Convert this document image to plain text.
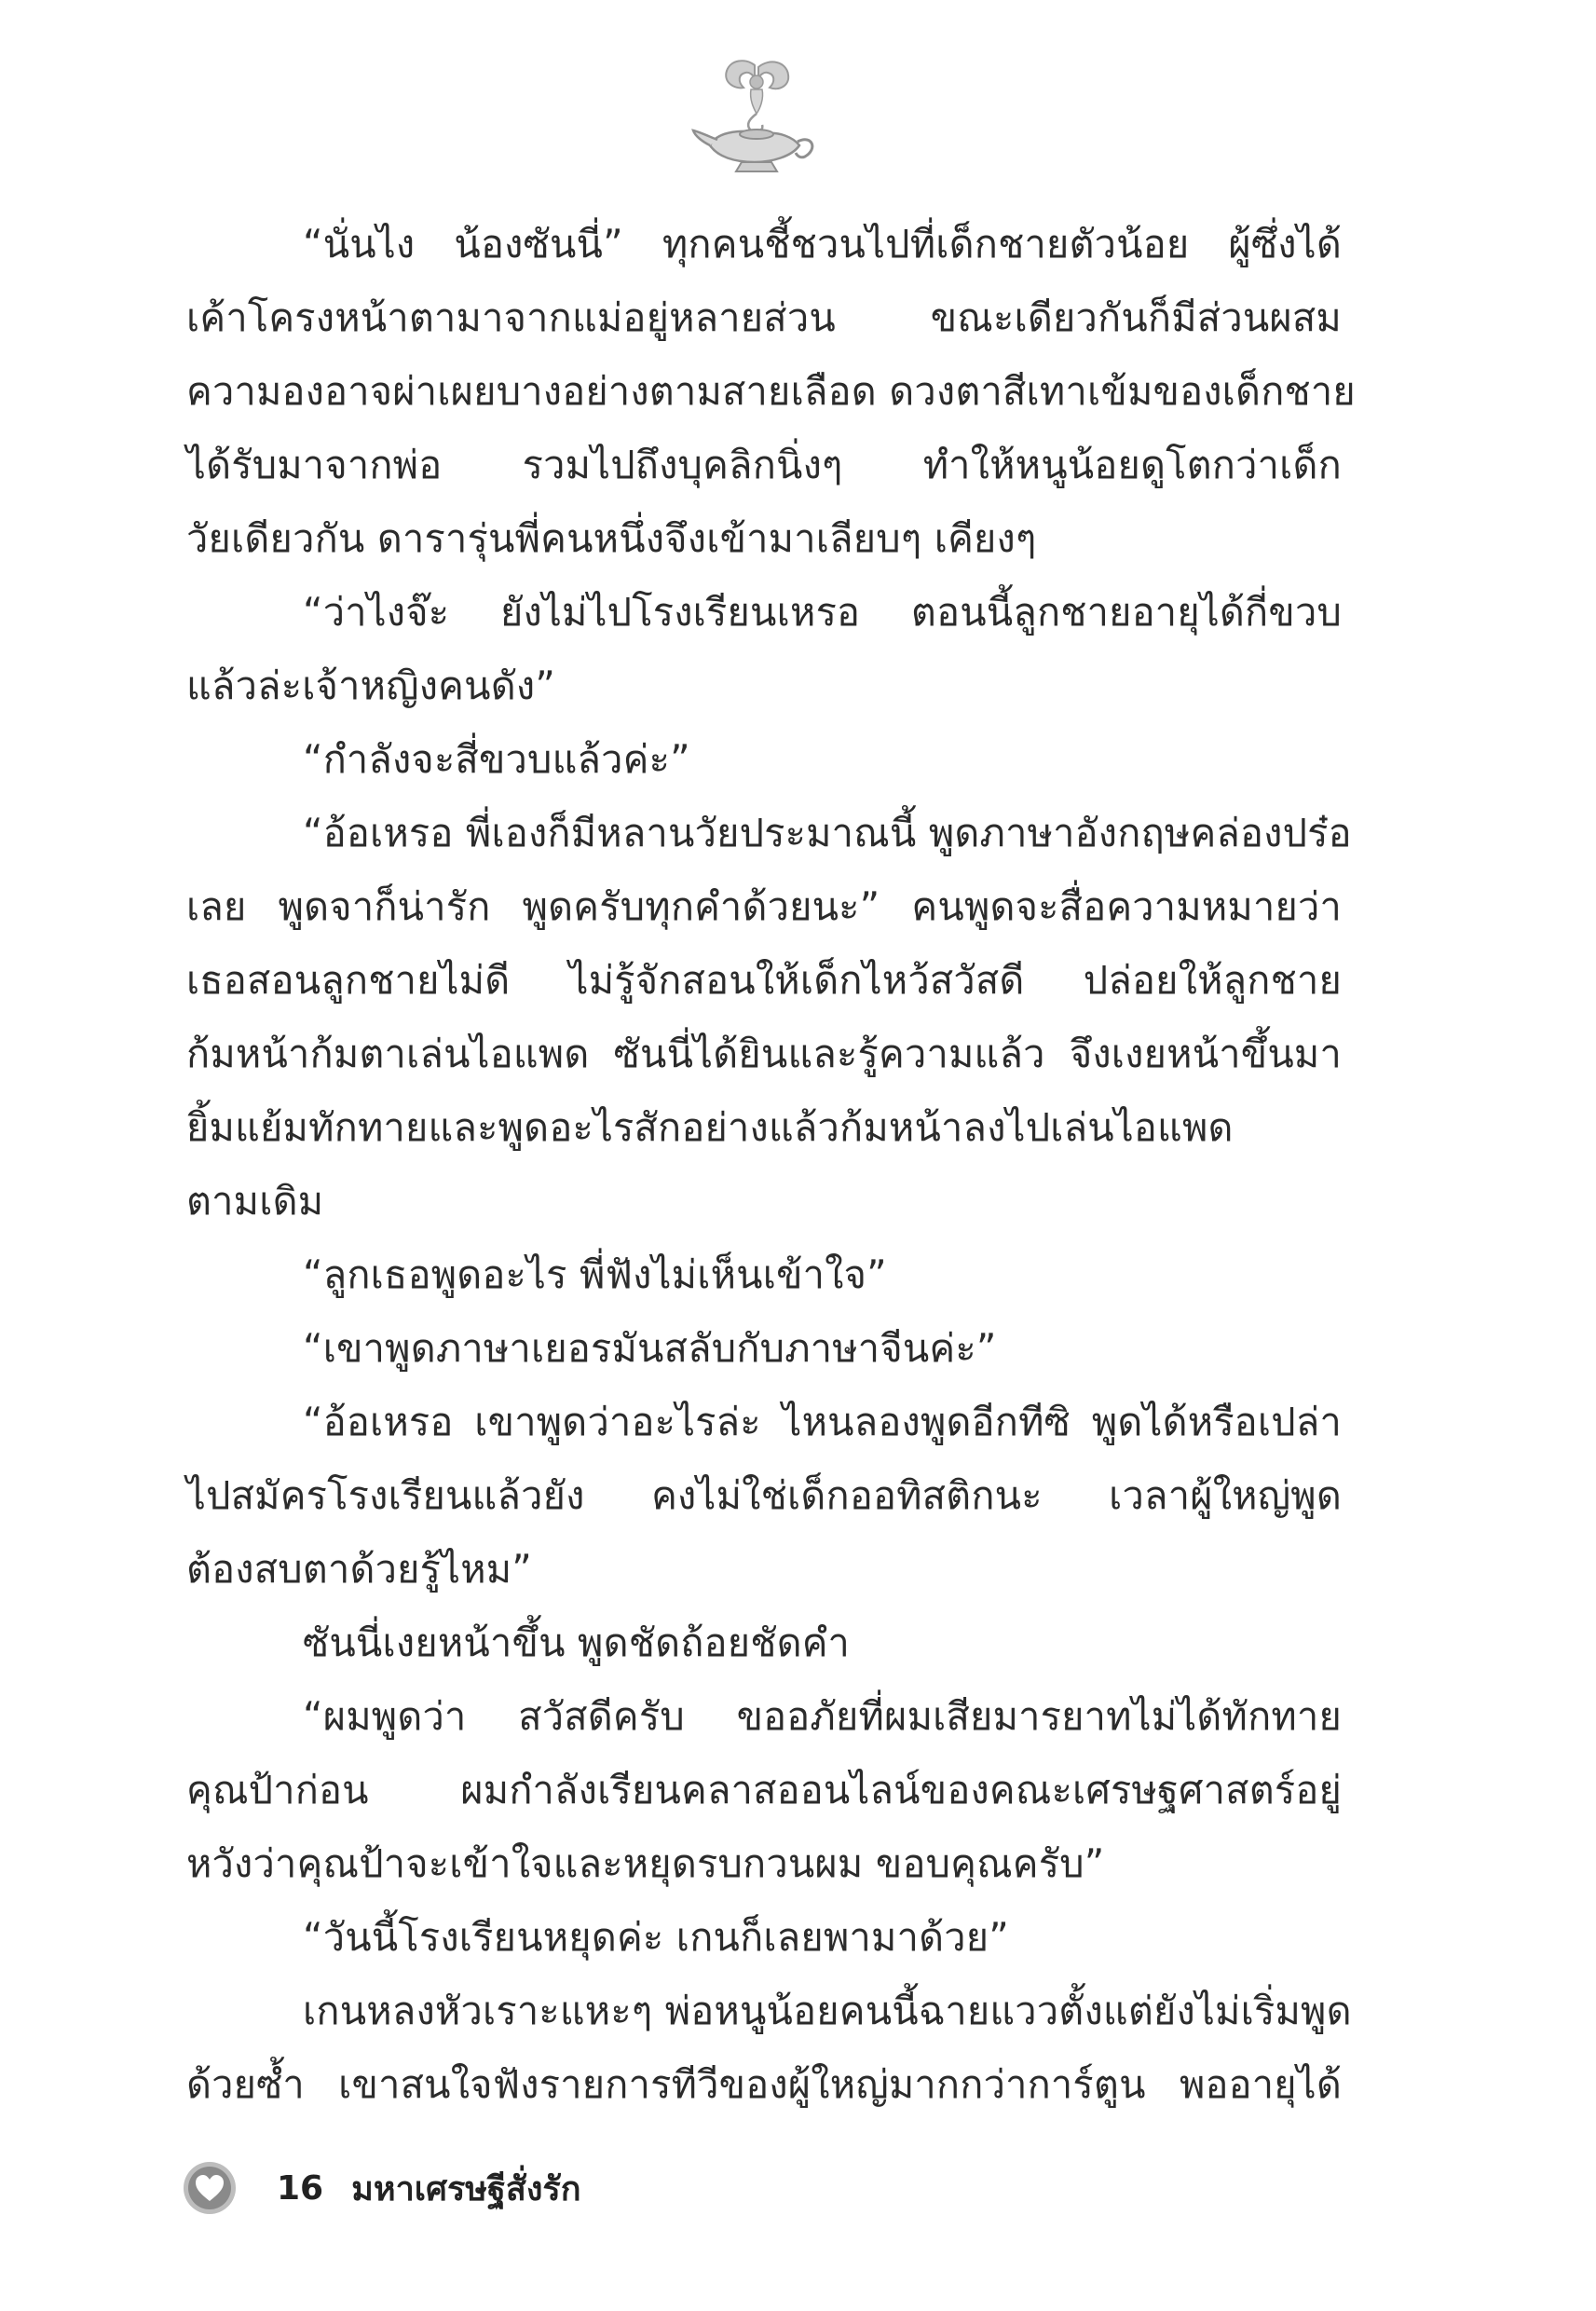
“นั่นไง น้องซันนี่” ทุกคนชี้ชวนไปที่เด็กชายตัวน้อย ผู้ซึ่งได้
เค้าโครงหน้าตามาจากแม่อยู่หลายส่วน ขณะเดียวกันก็มีส่วนผสม
ความองอาจผ่าเผยบางอย่างตามสายเลือด ดวงตาสีเทาเข้มของเด็กชาย
ได้รับมาจากพ่อ รวมไปถึงบุคลิกนิ่งๆ ทำให้หนูน้อยดูโตกว่าเด็ก
วัยเดียวกัน ดารารุ่นพี่คนหนึ่งจึงเข้ามาเลียบๆ เคียงๆ
“ว่าไงจ๊ะ ยังไม่ไปโรงเรียนเหรอ ตอนนี้ลูกชายอายุได้กี่ขวบ
แล้วล่ะเจ้าหญิงคนดัง”
“กำลังจะสี่ขวบแล้วค่ะ”
“อ้อเหรอ พี่เองก็มีหลานวัยประมาณนี้ พูดภาษาอังกฤษคล่องปร๋อ
เลย พูดจาก็น่ารัก พูดครับทุกคำด้วยนะ” คนพูดจะสื่อความหมายว่า
เธอสอนลูกชายไม่ดี ไม่รู้จักสอนให้เด็กไหว้สวัสดี ปล่อยให้ลูกชาย
ก้มหน้าก้มตาเล่นไอแพด ซันนี่ได้ยินและรู้ความแล้ว จึงเงยหน้าขึ้นมา
ยิ้มแย้มทักทายและพูดอะไรสักอย่างแล้วก้มหน้าลงไปเล่นไอแพด
ตามเดิม
“ลูกเธอพูดอะไร พี่ฟังไม่เห็นเข้าใจ”
“เขาพูดภาษาเยอรมันสลับกับภาษาจีนค่ะ”
“อ้อเหรอ เขาพูดว่าอะไรล่ะ ไหนลองพูดอีกทีซิ พูดได้หรือเปล่า
ไปสมัครโรงเรียนแล้วยัง คงไม่ใช่เด็กออทิสติกนะ เวลาผู้ใหญ่พูด
ต้องสบตาด้วยรู้ไหม”
ซันนี่เงยหน้าขึ้น พูดชัดถ้อยชัดคำ
“ผมพูดว่า สวัสดีครับ ขออภัยที่ผมเสียมารยาทไม่ได้ทักทาย
คุณป้าก่อน ผมกำลังเรียนคลาสออนไลน์ของคณะเศรษฐศาสตร์อยู่
หวังว่าคุณป้าจะเข้าใจและหยุดรบกวนผม ขอบคุณครับ”
“วันนี้โรงเรียนหยุดค่ะ เกนก็เลยพามาด้วย”
เกนหลงหัวเราะแหะๆ พ่อหนูน้อยคนนี้ฉายแววตั้งแต่ยังไม่เริ่มพูด
ด้วยซ้ำ เขาสนใจฟังรายการทีวีของผู้ใหญ่มากกว่าการ์ตูน พออายุได้
16 มหาเศรษฐีสั่งรัก
